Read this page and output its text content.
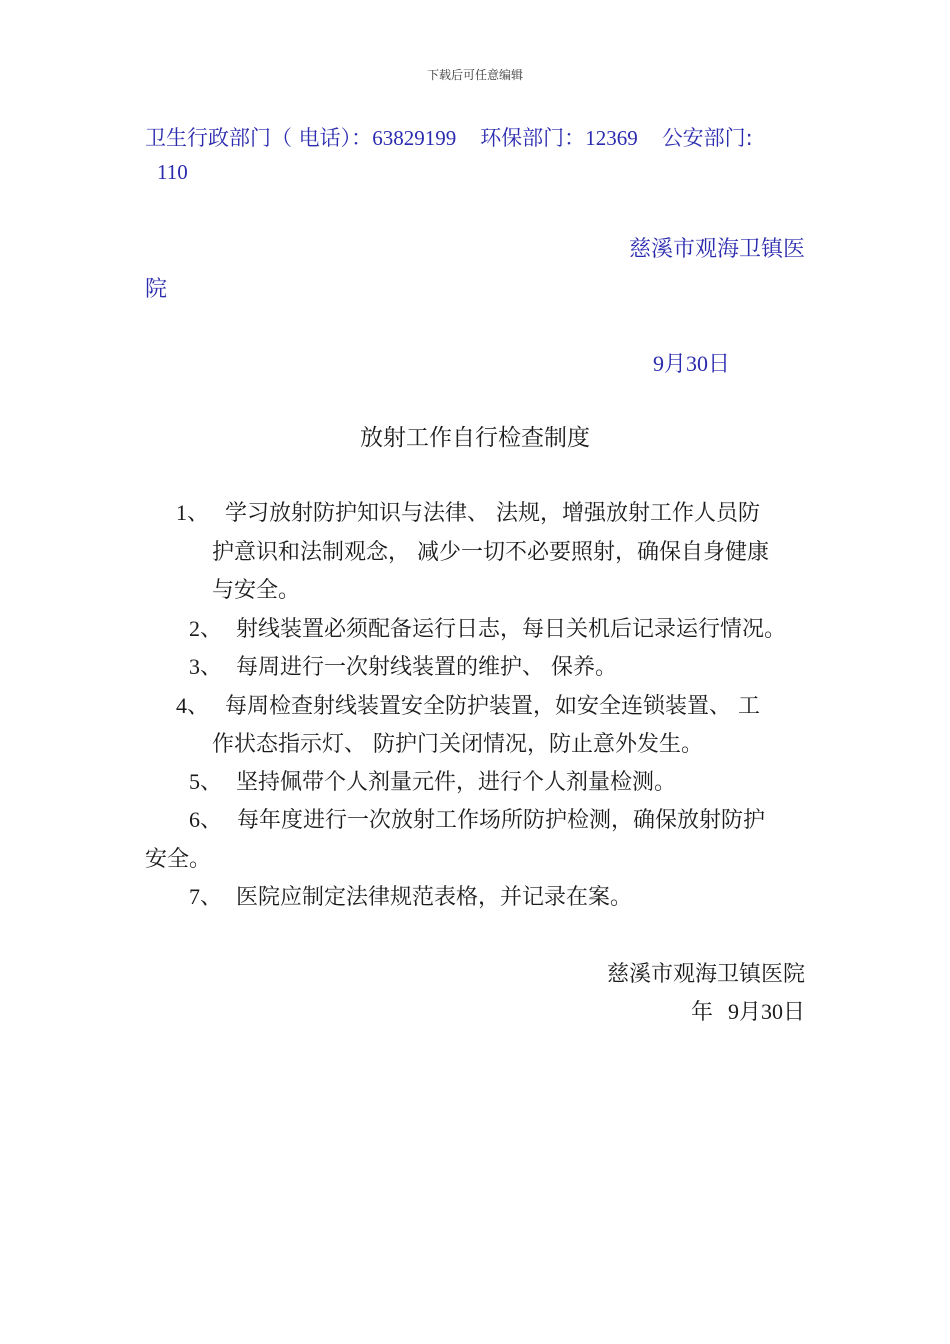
下载后可任意编辑
卫生行政部门（ 电话）：63829199 环保部门：12369 公安部门:
110
慈溪市观海卫镇医
院
9月30日
放射工作自行检查制度
1、 学习放射防护知识与法律、 法规，增强放射工作人员防
护意识和法制观念， 减少一切不必要照射，确保自身健康
与安全。
2、 射线装置必须配备运行日志，每日关机后记录运行情况。
3、 每周进行一次射线装置的维护、 保养。
4、 每周检查射线装置安全防护装置，如安全连锁装置、 工
作状态指示灯、 防护门关闭情况，防止意外发生。
5、 坚持佩带个人剂量元件，进行个人剂量检测。
6、 每年度进行一次放射工作场所防护检测，确保放射防护
安全。
7、 医院应制定法律规范表格，并记录在案。
慈溪市观海卫镇医院
年 9月30日
